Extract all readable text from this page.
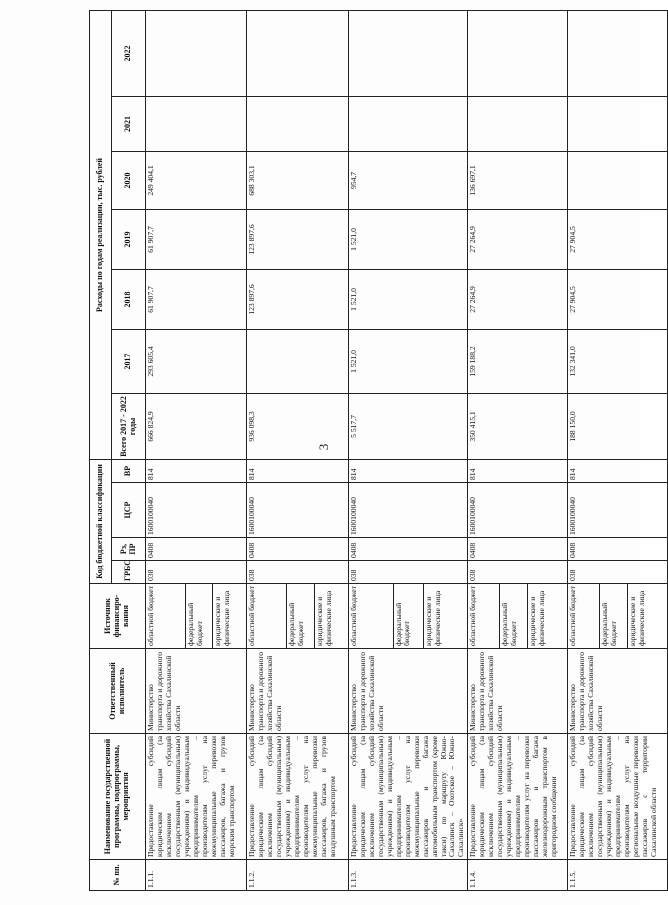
3
№ пп.	Наименование государственной программы, подпрограммы, мероприятия	Ответственный исполнитель	Источник финансиро-вания	Код бюджетной классификации				Расходы по годам реализации, тыс. рублей						
				ГРБС	Рз, ПР	ЦСР	ВР	Всего 2017 - 2022 годы	2017	2018	2019	2020	2021	2022

1.1.1.	Предоставление субсидий юридическим лицам (за исключением субсидий государственным (муниципальным) учреждениям) и индивидуальным предпринимателям – производителям услуг на межмуниципальные перевозки пассажиров, багажа и грузов морским транспортом	Министерство транспорта и дорожного хозяйства Сахалинской области	областной бюджет	038	0408	1600100040	814	666 824,9	293 605,4	61 907,7	61 907,7	249 404,1		
			федеральный бюджет											
			юридические и физические лица											
1.1.2.	Предоставление субсидий юридическим лицам (за исключением субсидий государственным (муниципальным) учреждениям) и индивидуальным предпринимателям – производителям услуг на межмуниципальные перевозки пассажиров, багажа и грузов воздушным транспортом	Министерство транспорта и дорожного хозяйства Сахалинской области	областной бюджет	038	0408	1600100040	814	936 098,3		123 897,6	123 897,6	688 303,1		
			федеральный бюджет											
			юридические и физические лица											
1.1.3.	Предоставление субсидий юридическим лицам (за исключением субсидий государственным (муниципальным) учреждениям) и индивидуальным предпринимателям – производителям услуг на межмуниципальные перевозки пассажиров и багажа автомобильным транспортом (кроме такси) по маршруту Южно-Сахалинск – Охотское – Южно-Сахалинск»	Министерство транспорта и дорожного хозяйства Сахалинской области	областной бюджет	038	0408	1600100040	814	5 517,7	1 521,0	1 521,0	1 521,0	954,7		
			федеральный бюджет											
			юридические и физические лица											
1.1.4.	Предоставление субсидий юридическим лицам (за исключением субсидий государственным (муниципальным) учреждениям) и индивидуальным предпринимателям – производителям услуг на перевозки пассажиров и багажа железнодорожным транспортом в пригородном сообщении	Министерство транспорта и дорожного хозяйства Сахалинской области	областной бюджет	038	0408	1600100040	814	350 415,1	159 188,2	27 264,9	27 264,9	136 697,1		
			федеральный бюджет											
			юридические и физические лица											
1.1.5.	Предоставление субсидий юридическим лицам (за исключением субсидий государственным (муниципальным) учреждениям) и индивидуальным предпринимателям – производителям услуг на региональные воздушные перевозки пассажиров с территории Сахалинской области	Министерство транспорта и дорожного хозяйства Сахалинской области	областной бюджет	038	0408	1600100040	814	188 150,0	132 341,0	27 904,5	27 904,5			
			федеральный бюджет											
			юридические и физические лица											
